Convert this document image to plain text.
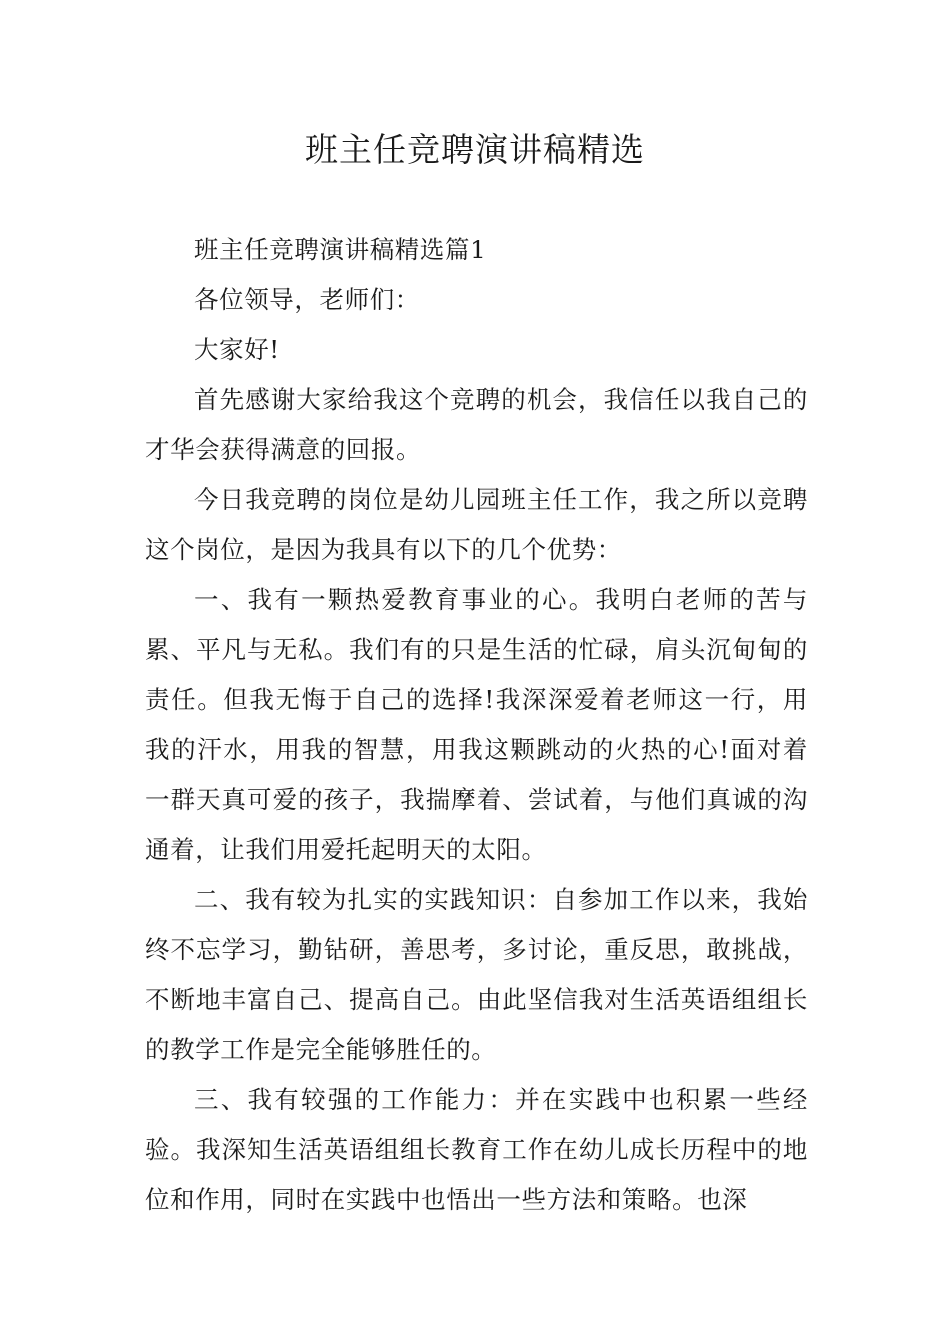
班主任竞聘演讲稿精选

班主任竞聘演讲稿精选篇1

各位领导，老师们：

大家好!

首先感谢大家给我这个竞聘的机会，我信任以我自己的才华会获得满意的回报。

今日我竞聘的岗位是幼儿园班主任工作，我之所以竞聘这个岗位，是因为我具有以下的几个优势：

一、我有一颗热爱教育事业的心。我明白老师的苦与累、平凡与无私。我们有的只是生活的忙碌，肩头沉甸甸的责任。但我无悔于自己的选择!我深深爱着老师这一行，用我的汗水，用我的智慧，用我这颗跳动的火热的心!面对着一群天真可爱的孩子，我揣摩着、尝试着，与他们真诚的沟通着，让我们用爱托起明天的太阳。

二、我有较为扎实的实践知识：自参加工作以来，我始终不忘学习，勤钻研，善思考，多讨论，重反思，敢挑战，不断地丰富自己、提高自己。由此坚信我对生活英语组组长的教学工作是完全能够胜任的。

三、我有较强的工作能力：并在实践中也积累一些经验。我深知生活英语组组长教育工作在幼儿成长历程中的地位和作用，同时在实践中也悟出一些方法和策略。也深
